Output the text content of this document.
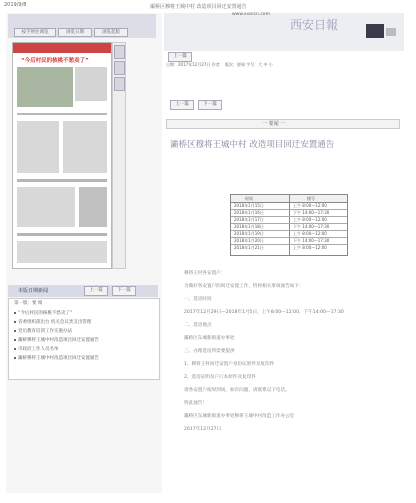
2019/9/8	灞桥区穆将王城中村 改造项目回迁安置通告
按手肘往浏览	浏览日期	浏览起版
“今后村民的核桃不愁卖了”
本版日期新闻	上一篇	下一篇
第一版：要 闻
“今后村民的核桃不愁卖了”
省委组织部出台 机关会议类支出管理
党员教育培训工作实施办法
灞桥穆将王城中村改造项目回迁安置通告
市政府工作人员名单
灞桥穆将王城中村改造项目回迁安置通告
www.xiancn.com
西安日報
上一篇
日期：2017年12月27日 作者： 版次：要闻 字号：大 中 小
上一篇	下一篇
一 要闻 一
灞桥区穆将王城中村 改造项目回迁安置通告
时间	楼号
2018年1月15日	上午 8:00—12:00
2018年1月16日	下午 14:00—17:30
2018年1月17日	上午 8:00—12:00
2018年1月18日	下午 14:00—17:30
2018年1月19日	上午 8:00—12:00
2018年1月20日	下午 14:00—17:30
2018年1月21日	上午 8:00—12:00
穆将王村各安置户：
为做好各安置户的回迁安置工作，特将相关事项通告如下：
一、选房时间
2017年12月29日—2018年1月5日，上午8:00—12:00，下午14:00—17:30
二、选房地点
灞桥区东城新街道办事处
三、办理选房所需要提供
1、穆将王村回迁安置户身份证原件及复印件
2、选房证明及户口本原件及复印件
请各安置户按时到场，如有问题，请联系以下电话。
特此通告！
灞桥区东城新街道办事处穆将王城中村改造工作办公室
2017年12月27日
